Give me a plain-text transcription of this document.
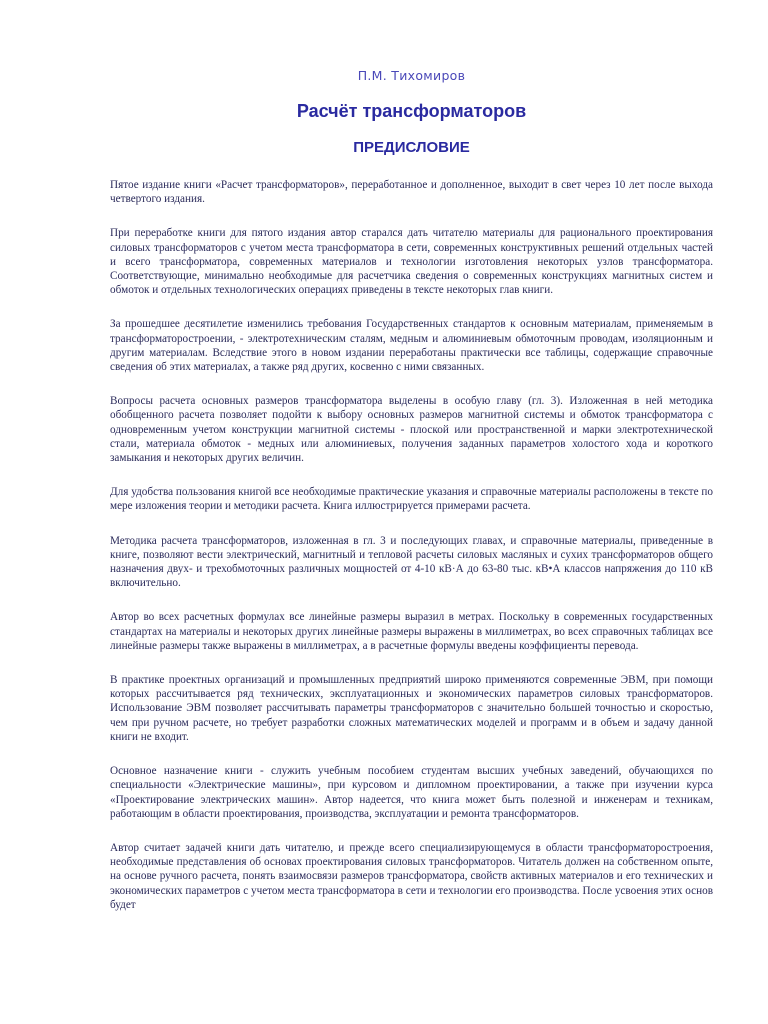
П.М. Тихомиров
Расчёт трансформаторов
ПРЕДИСЛОВИЕ

Пятое издание книги «Расчет трансформаторов», переработанное и дополненное, выходит в свет через 10 лет после выхода четвертого издания.

При переработке книги для пятого издания автор старался дать читателю материалы для рационального проектирования силовых трансформаторов с учетом места трансформатора в сети, современных конструктивных решений отдельных частей и всего трансформатора, современных материалов и технологии изготовления некоторых узлов трансформатора. Соответствующие, минимально необходимые для расчетчика сведения о современных конструкциях магнитных систем и обмоток и отдельных технологических операциях приведены в тексте некоторых глав книги.

За прошедшее десятилетие изменились требования Государственных стандартов к основным материалам, применяемым в трансформаторостроении, - электротехническим сталям, медным и алюминиевым обмоточным проводам, изоляционным и другим материалам. Вследствие этого в новом издании переработаны практически все таблицы, содержащие справочные сведения об этих материалах, а также ряд других, косвенно с ними связанных.

Вопросы расчета основных размеров трансформатора выделены в особую главу (гл. 3). Изложенная в ней методика обобщенного расчета позволяет подойти к выбору основных размеров магнитной системы и обмоток трансформатора с одновременным учетом конструкции магнитной системы - плоской или пространственной и марки электротехнической стали, материала обмоток - медных или алюминиевых, получения заданных параметров холостого хода и короткого замыкания и некоторых других величин.

Для удобства пользования книгой все необходимые практические указания и справочные материалы расположены в тексте по мере изложения теории и методики расчета. Книга иллюстрируется примерами расчета.

Методика расчета трансформаторов, изложенная в гл. 3 и последующих главах, и справочные материалы, приведенные в книге, позволяют вести электрический, магнитный и тепловой расчеты силовых масляных и сухих трансформаторов общего назначения двух- и трехобмоточных различных мощностей от 4-10 кВ·А до 63-80 тыс. кВ•А классов напряжения до 110 кВ включительно.

Автор во всех расчетных формулах все линейные размеры выразил в метрах. Поскольку в современных государственных стандартах на материалы и некоторых других линейные размеры выражены в миллиметрах, во всех справочных таблицах все линейные размеры также выражены в миллиметрах, а в расчетные формулы введены коэффициенты перевода.

В практике проектных организаций и промышленных предприятий широко применяются современные ЭВМ, при помощи которых рассчитывается ряд технических, эксплуатационных и экономических параметров силовых трансформаторов. Использование ЭВМ позволяет рассчитывать параметры трансформаторов с значительно большей точностью и скоростью, чем при ручном расчете, но требует разработки сложных математических моделей и программ и в объем и задачу данной книги не входит.

Основное назначение книги - служить учебным пособием студентам высших учебных заведений, обучающихся по специальности «Электрические машины», при курсовом и дипломном проектировании, а также при изучении курса «Проектирование электрических машин». Автор надеется, что книга может быть полезной и инженерам и техникам, работающим в области проектирования, производства, эксплуатации и ремонта трансформаторов.

Автор считает задачей книги дать читателю, и прежде всего специализирующемуся в области трансформаторостроения, необходимые представления об основах проектирования силовых трансформаторов. Читатель должен на собственном опыте, на основе ручного расчета, понять взаимосвязи размеров трансформатора, свойств активных материалов и его технических и экономических параметров с учетом места трансформатора в сети и технологии его производства. После усвоения этих основ будет
